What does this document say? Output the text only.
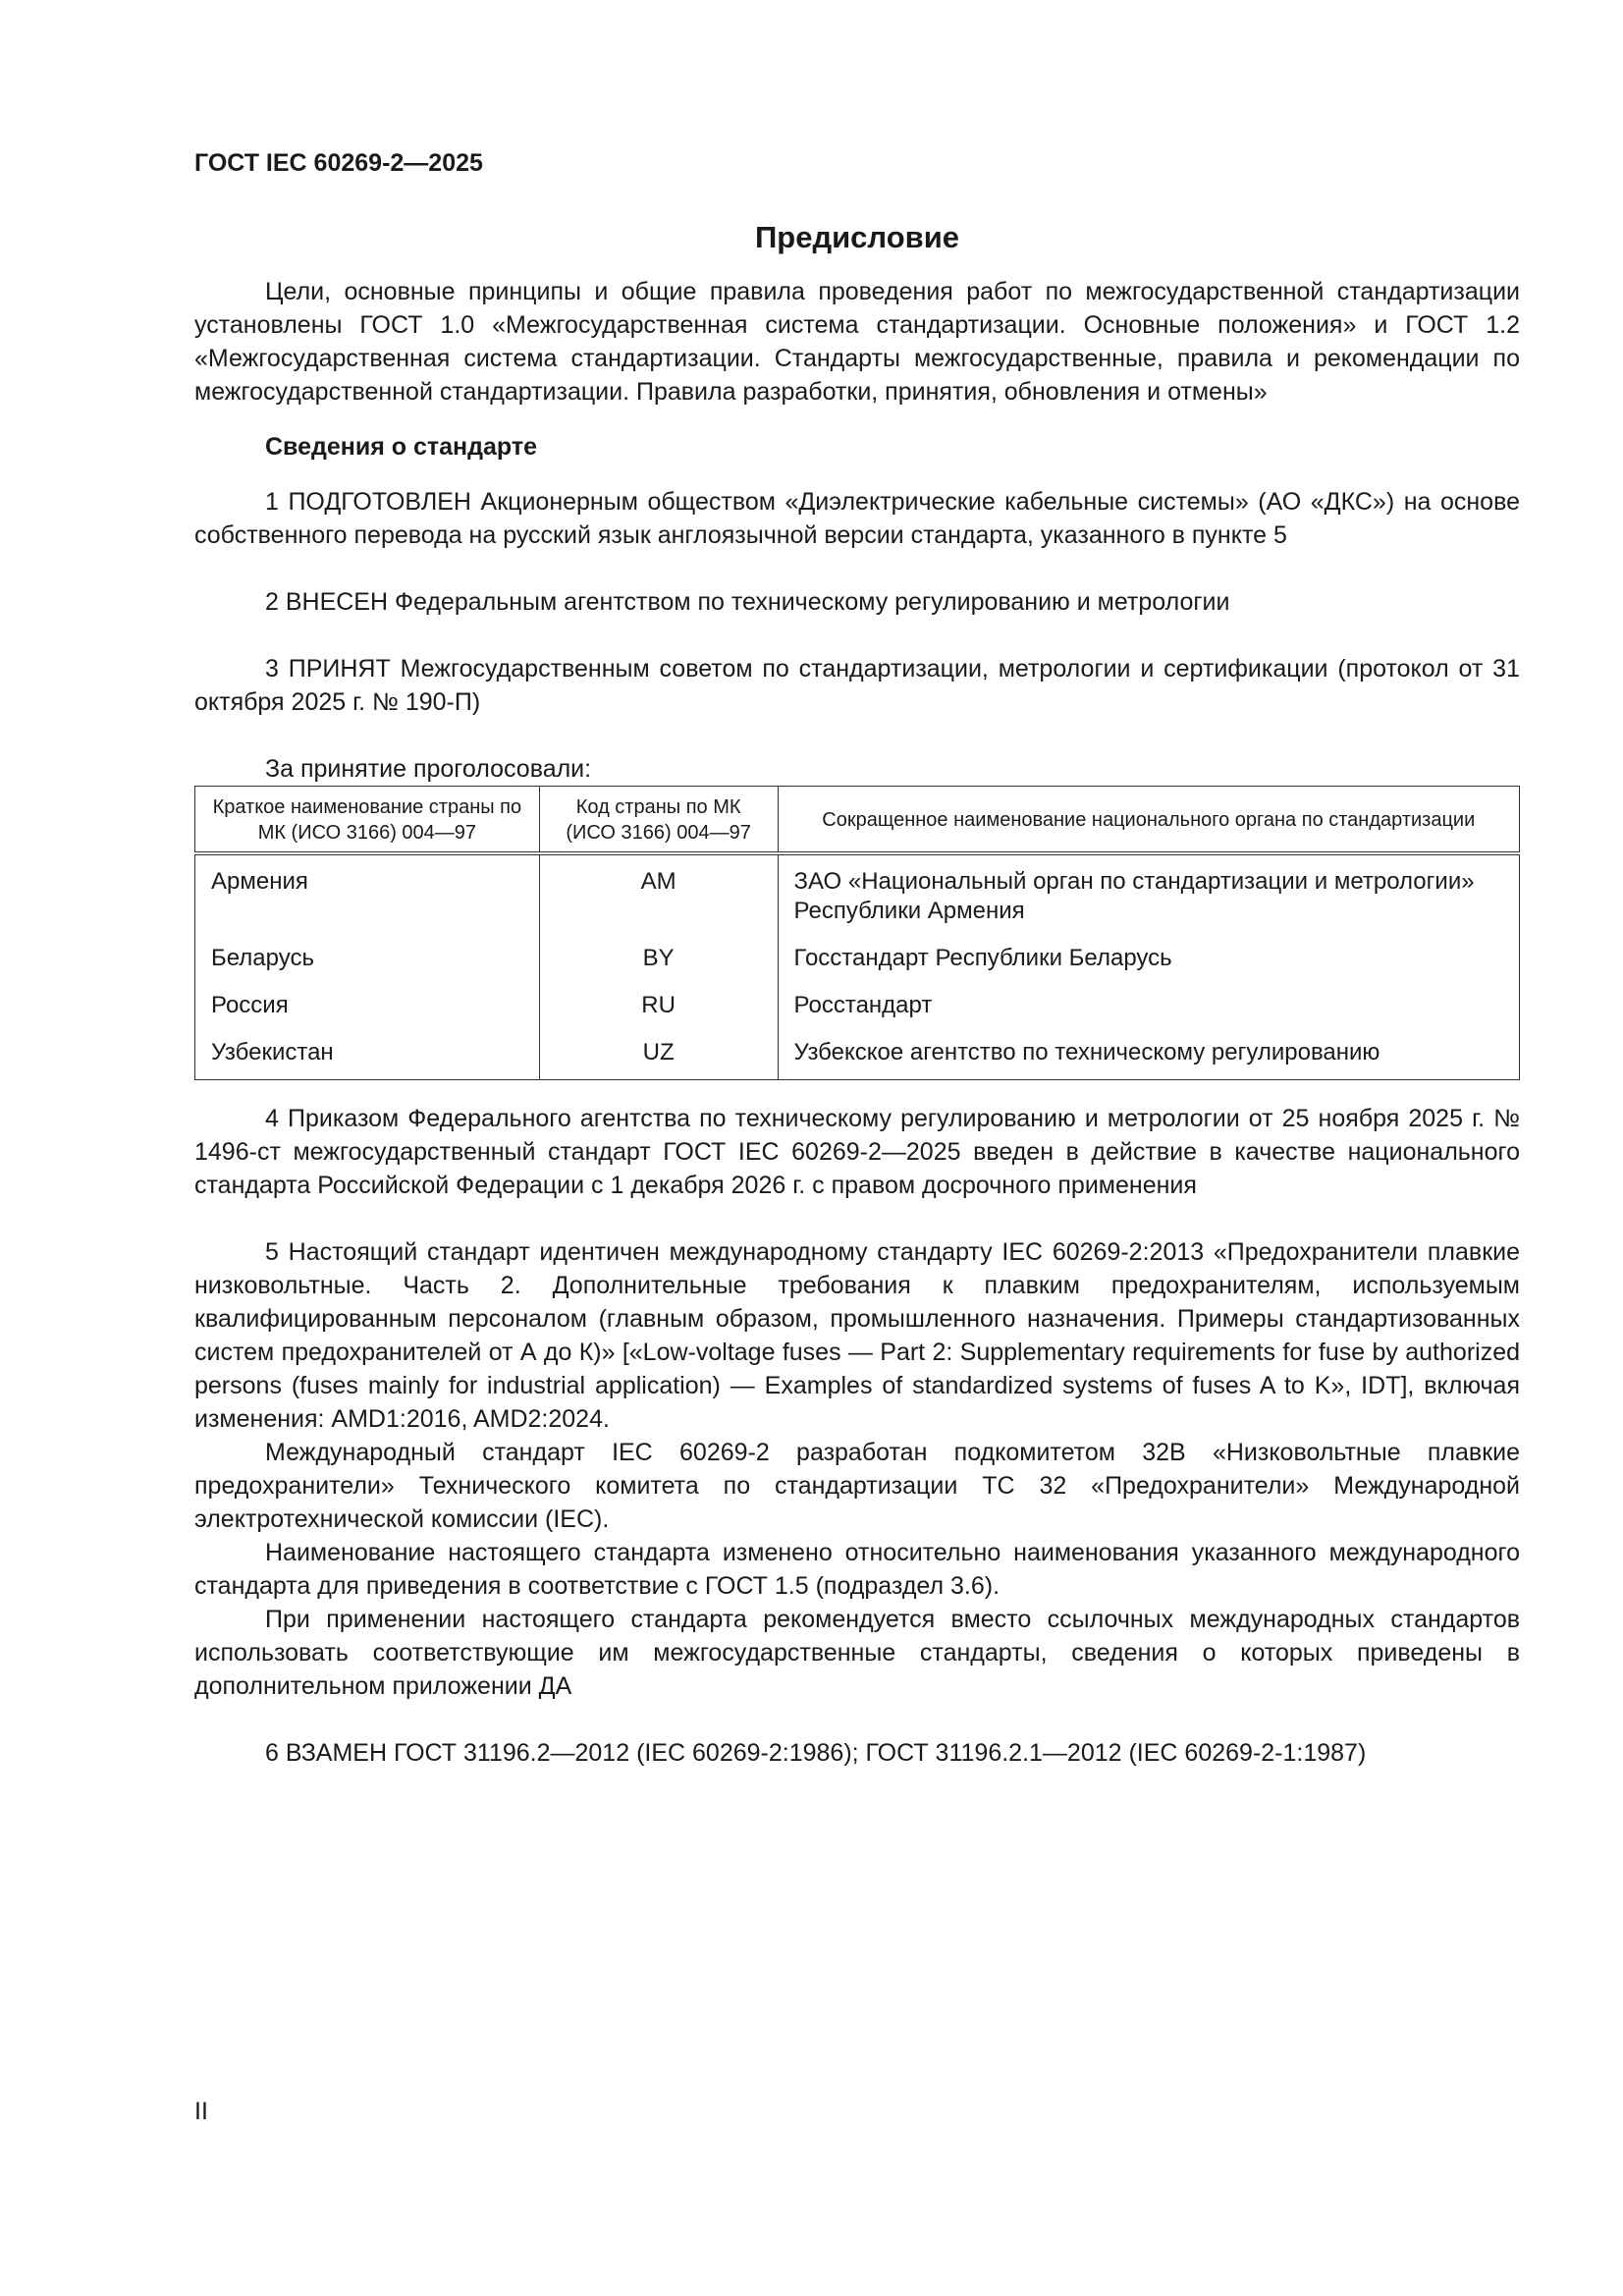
ГОСТ IEC 60269-2—2025
Предисловие

Цели, основные принципы и общие правила проведения работ по межгосударственной стандартизации установлены ГОСТ 1.0 «Межгосударственная система стандартизации. Основные положения» и ГОСТ 1.2 «Межгосударственная система стандартизации. Стандарты межгосударственные, правила и рекомендации по межгосударственной стандартизации. Правила разработки, принятия, обновления и отмены»

Сведения о стандарте

1 ПОДГОТОВЛЕН Акционерным обществом «Диэлектрические кабельные системы» (АО «ДКС») на основе собственного перевода на русский язык англоязычной версии стандарта, указанного в пункте 5

2 ВНЕСЕН Федеральным агентством по техническому регулированию и метрологии

3 ПРИНЯТ Межгосударственным советом по стандартизации, метрологии и сертификации (протокол от 31 октября 2025 г. № 190-П)

За принятие проголосовали:

Краткое наименование страны по МК (ИСО 3166) 004—97	Код страны по МК (ИСО 3166) 004—97	Сокращенное наименование национального органа по стандартизации
Армения	AM	ЗАО «Национальный орган по стандартизации и метрологии» Республики Армения
Беларусь	BY	Госстандарт Республики Беларусь
Россия	RU	Росстандарт
Узбекистан	UZ	Узбекское агентство по техническому регулированию

4 Приказом Федерального агентства по техническому регулированию и метрологии от 25 ноября 2025 г. № 1496-ст межгосударственный стандарт ГОСТ IEC 60269-2—2025 введен в действие в качестве национального стандарта Российской Федерации с 1 декабря 2026 г. с правом досрочного применения

5 Настоящий стандарт идентичен международному стандарту IEC 60269-2:2013 «Предохранители плавкие низковольтные. Часть 2. Дополнительные требования к плавким предохранителям, используемым квалифицированным персоналом (главным образом, промышленного назначения. Примеры стандартизованных систем предохранителей от А до К)» [«Low-voltage fuses — Part 2: Supplementary requirements for fuse by authorized persons (fuses mainly for industrial application) — Examples of standardized systems of fuses A to K», IDT], включая изменения: AMD1:2016, AMD2:2024.

Международный стандарт IEC 60269-2 разработан подкомитетом 32В «Низковольтные плавкие предохранители» Технического комитета по стандартизации ТС 32 «Предохранители» Международной электротехнической комиссии (IEC).

Наименование настоящего стандарта изменено относительно наименования указанного международного стандарта для приведения в соответствие с ГОСТ 1.5 (подраздел 3.6).

При применении настоящего стандарта рекомендуется вместо ссылочных международных стандартов использовать соответствующие им межгосударственные стандарты, сведения о которых приведены в дополнительном приложении ДА

6 ВЗАМЕН ГОСТ 31196.2—2012 (IEC 60269-2:1986); ГОСТ 31196.2.1—2012 (IEC 60269-2-1:1987)

II
